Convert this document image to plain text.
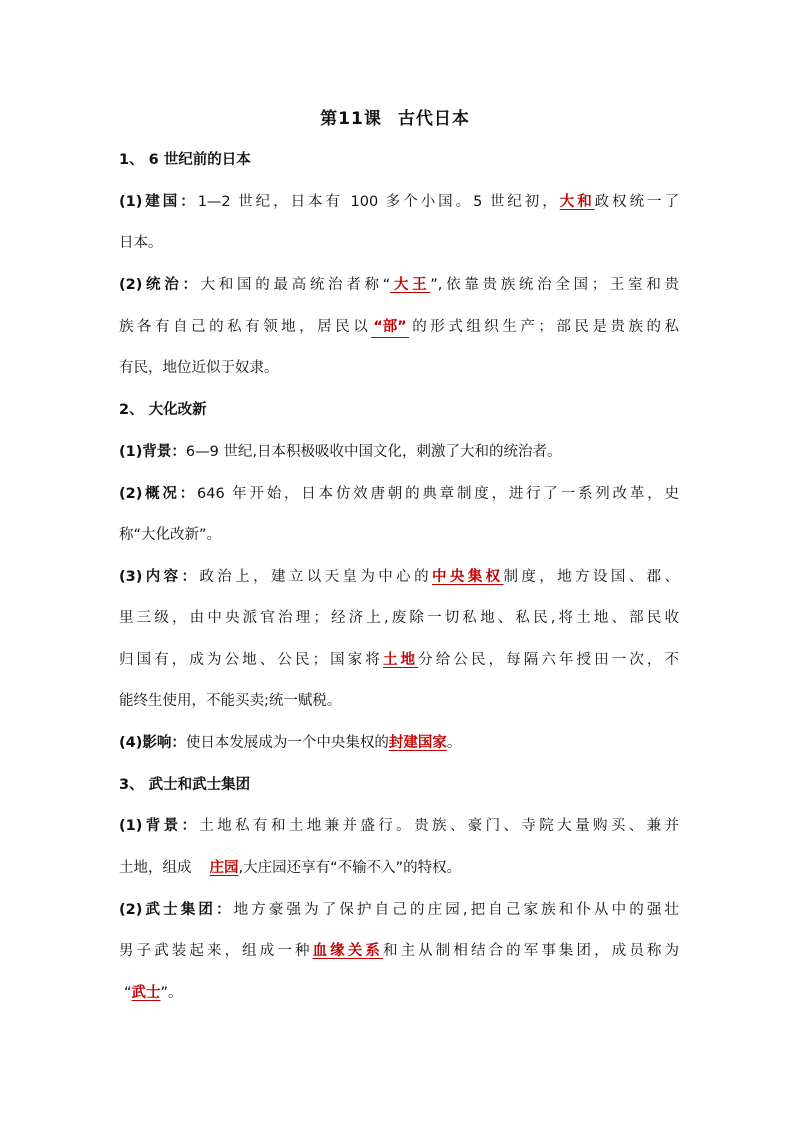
第11课 古代日本
1、 6 世纪前的日本
(1)建国：1—2 世纪，日本有 100 多个小国。5 世纪初，大和政权统一了
日本。
(2)统治：大和国的最高统治者称“大王”,依靠贵族统治全国；王室和贵
族各有自己的私有领地，居民以 “部” 的形式组织生产；部民是贵族的私
有民，地位近似于奴隶。
2、 大化改新
(1)背景：6—9 世纪,日本积极吸收中国文化，刺激了大和的统治者。
(2)概况：646 年开始，日本仿效唐朝的典章制度，进行了一系列改革，史
称“大化改新”。
(3)内容：政治上，建立以天皇为中心的中央集权制度，地方设国、郡、
里三级，由中央派官治理；经济上,废除一切私地、私民,将土地、部民收
归国有，成为公地、公民；国家将土地分给公民，每隔六年授田一次，不
能终生使用，不能买卖;统一赋税。
(4)影响：使日本发展成为一个中央集权的封建国家。
3、 武士和武士集团
(1)背景：土地私有和土地兼并盛行。贵族、豪门、寺院大量购买、兼并
土地，组成 庄园,大庄园还享有“不输不入”的特权。
(2)武士集团：地方豪强为了保护自己的庄园,把自己家族和仆从中的强壮
男子武装起来，组成一种血缘关系和主从制相结合的军事集团，成员称为
“武士”。
